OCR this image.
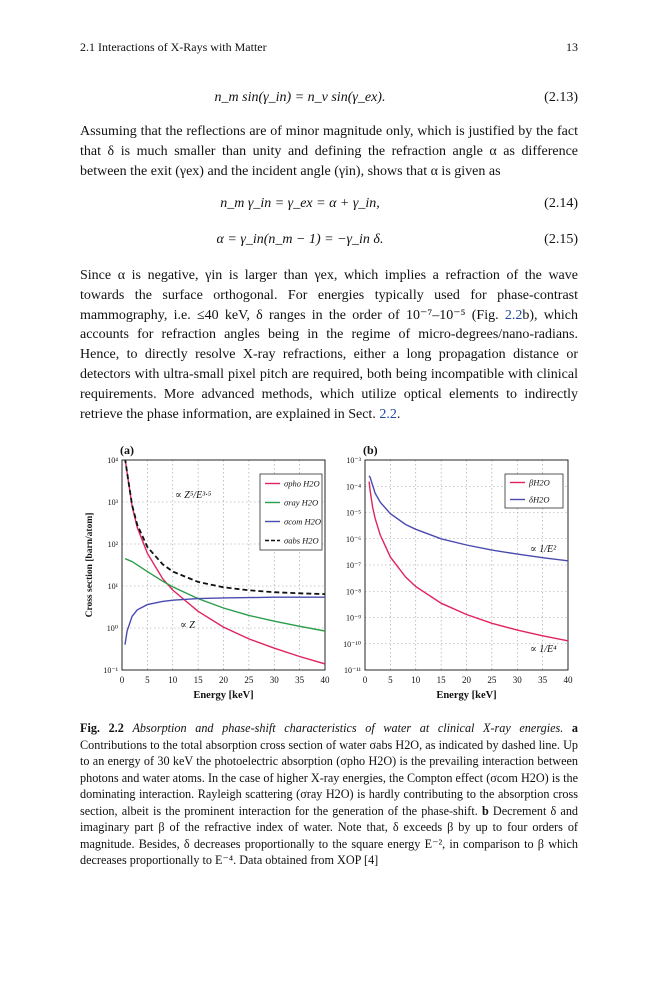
2.1 Interactions of X-Rays with Matter	13
n_m sin(γ_in) = n_v sin(γ_ex).	(2.13)
Assuming that the reflections are of minor magnitude only, which is justified by the fact that δ is much smaller than unity and defining the refraction angle α as difference between the exit (γex) and the incident angle (γin), shows that α is given as
n_m γ_in = γ_ex = α + γ_in,	(2.14)
α = γ_in(n_m − 1) = −γ_in δ.	(2.15)
Since α is negative, γin is larger than γex, which implies a refraction of the wave towards the surface orthogonal. For energies typically used for phase-contrast mammography, i.e. ≤40 keV, δ ranges in the order of 10⁻⁷–10⁻⁵ (Fig. 2.2b), which accounts for refraction angles being in the regime of micro-degrees/nano-radians. Hence, to directly resolve X-ray refractions, either a long propagation distance or detectors with ultra-small pixel pitch are required, both being incompatible with clinical requirements. More advanced methods, which utilize optical elements to indirectly retrieve the phase information, are explained in Sect. 2.2.
0 5 10 15 20 25 30 35 40
10⁻¹
10⁰
10¹
10²
10³
10⁴
(a)
Energy [keV]
Cross section [barn/atom]
σpho H2O
σray H2O
σcom H2O
σabs H2O
0 5 10 15 20 25 30 35 40
10⁻¹¹
10⁻¹⁰
10⁻⁹
10⁻⁸
10⁻⁷
10⁻⁶
10⁻⁵
10⁻⁴
10⁻³
(b)
Energy [keV]
βH2O
δH2O
∝ Z⁵/E³·⁵
∝ Z
∝ 1/E²
∝ 1/E⁴
Fig. 2.2 Absorption and phase-shift characteristics of water at clinical X-ray energies. a Contributions to the total absorption cross section of water σabs H2O, as indicated by dashed line. Up to an energy of 30 keV the photoelectric absorption (σpho H2O) is the prevailing interaction between photons and water atoms. In the case of higher X-ray energies, the Compton effect (σcom H2O) is the dominating interaction. Rayleigh scattering (σray H2O) is hardly contributing to the absorption cross section, albeit is the prominent interaction for the generation of the phase-shift. b Decrement δ and imaginary part β of the refractive index of water. Note that, δ exceeds β by up to four orders of magnitude. Besides, δ decreases proportionally to the square energy E⁻², in comparison to β which decreases proportionally to E⁻⁴. Data obtained from XOP [4]
